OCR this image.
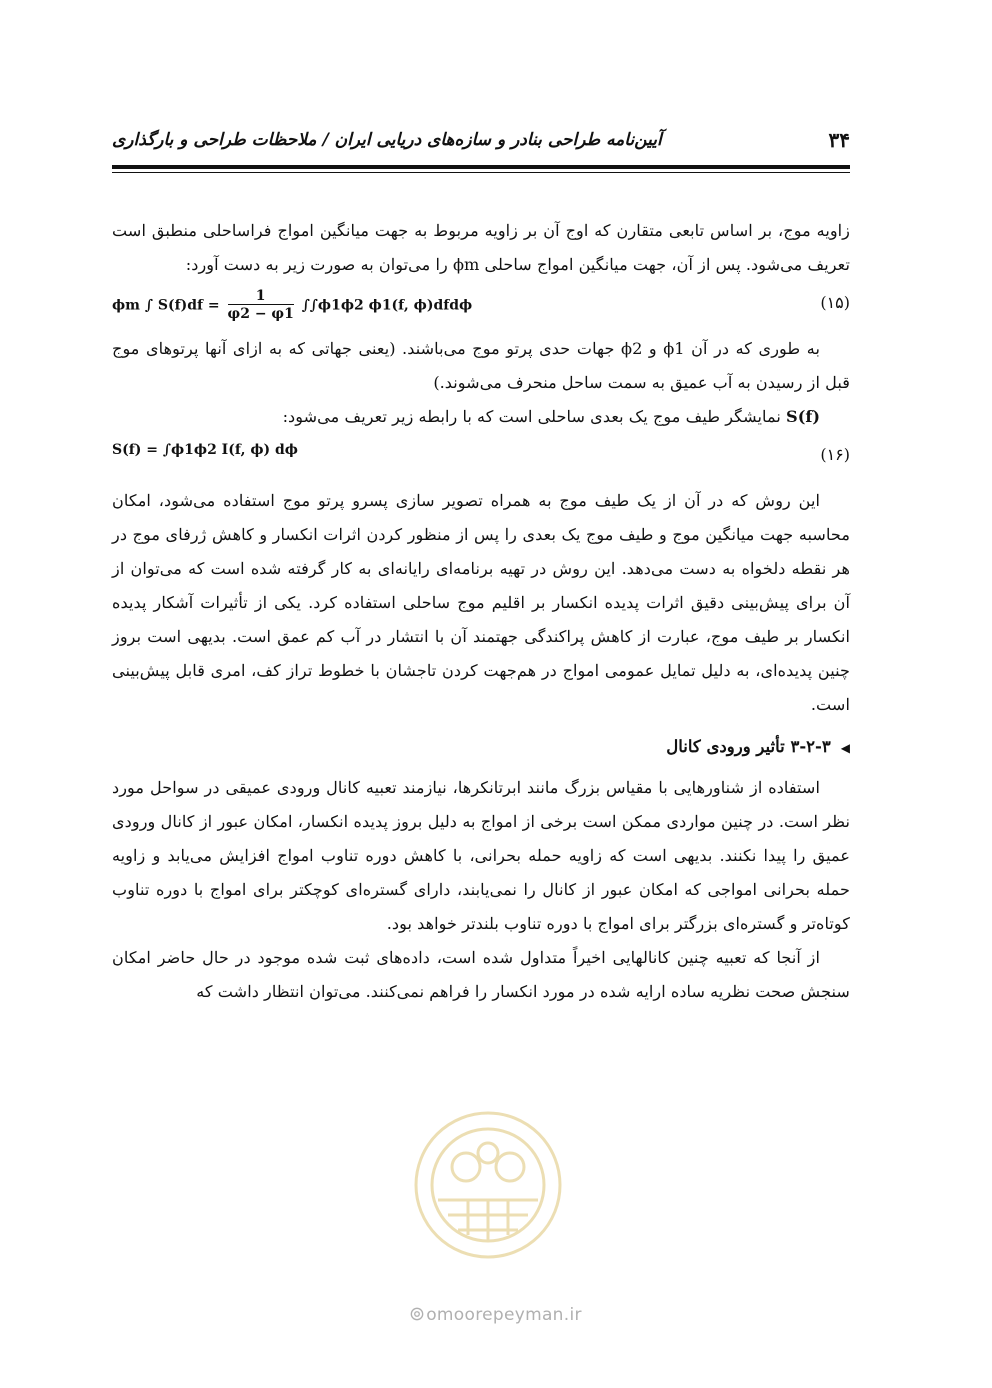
۳۴
آیین‌نامه طراحی بنادر و سازه‌های دریایی ایران / ملاحظات طراحی و بارگذاری

زاویه موج، بر اساس تابعی متقارن که اوج آن بر زاویه مربوط به جهت میانگین امواج فراساحلی منطبق است تعریف می‌شود. پس از آن، جهت میانگین امواج ساحلی ϕm را می‌توان به صورت زیر به دست آورد:

ϕm ∫ $S(f)df = \frac{1}{\varphi 2 - \varphi 1} \int\int\phi 1\phi 2$ ϕ1(f, ϕ)dfdϕ	(۱۵)

به طوری که در آن ϕ1 و ϕ2 جهات حدی پرتو موج می‌باشند. (یعنی جهاتی که به ازای آنها پرتوهای موج قبل از رسیدن به آب عمیق به سمت ساحل منحرف می‌شوند.)

S(f) نمایشگر طیف موج یک بعدی ساحلی است که با رابطه زیر تعریف می‌شود:

S(f) = ∫ϕ1ϕ2 I(f, ϕ) dϕ	(۱۶)

این روش که در آن از یک طیف موج به همراه تصویر سازی پسرو پرتو موج استفاده می‌شود، امکان محاسبه جهت میانگین موج و طیف موج یک بعدی را پس از منظور کردن اثرات انکسار و کاهش ژرفای موج در هر نقطه دلخواه به دست می‌دهد. این روش در تهیه برنامه‌ای رایانه‌ای به کار گرفته شده است که می‌توان از آن برای پیش‌بینی دقیق اثرات پدیده انکسار بر اقلیم موج ساحلی استفاده کرد. یکی از تأثیرات آشکار پدیده انکسار بر طیف موج، عبارت از کاهش پراکندگی جهتمند آن با انتشار در آب کم عمق است. بدیهی است بروز چنین پدیده‌ای، به دلیل تمایل عمومی امواج در هم‌جهت کردن تاجشان با خطوط تراز کف، امری قابل پیش‌بینی است.

◀۳-۲-۳ تأثیر ورودی کانال

استفاده از شناورهایی با مقیاس بزرگ مانند ابرتانکرها، نیازمند تعبیه کانال ورودی عمیقی در سواحل مورد نظر است. در چنین مواردی ممکن است برخی از امواج به دلیل بروز پدیده انکسار، امکان عبور از کانال ورودی عمیق را پیدا نکنند. بدیهی است که زاویه حمله بحرانی، با کاهش دوره تناوب امواج افزایش می‌یابد و زاویه حمله بحرانی امواجی که امکان عبور از کانال را نمی‌یابند، دارای گستره‌ای کوچکتر برای امواج با دوره تناوب کوتاه‌تر و گستره‌ای بزرگتر برای امواج با دوره تناوب بلندتر خواهد بود.

از آنجا که تعبیه چنین کانالهایی اخیراً متداول شده است، داده‌های ثبت شده موجود در حال حاضر امکان سنجش صحت نظریه ساده ارایه شده در مورد انکسار را فراهم نمی‌کنند. می‌توان انتظار داشت که

omoorepeyman.ir
